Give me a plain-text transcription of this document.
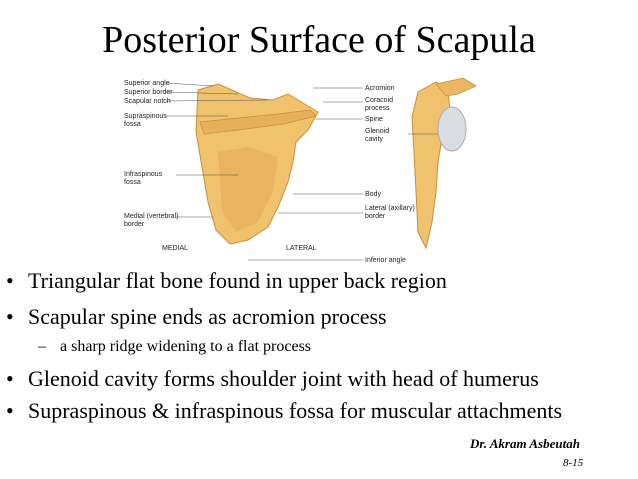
Posterior Surface of Scapula
Superior angle
Superior border
Scapular notch
Supraspinous
fossa
Infraspinous
fossa
Medial (vertebral)
border
Acromion
Coracoid
process
Spine
Glenoid
cavity
Body
Lateral (axillary)
border
Inferior angle
MEDIAL	LATERAL
• Triangular flat bone found in upper back region
• Scapular spine ends as acromion process
– a sharp ridge widening to a flat process
• Glenoid cavity forms shoulder joint with head of humerus
• Supraspinous & infraspinous fossa for muscular attachments
Dr. Akram Asbeutah
8-15
